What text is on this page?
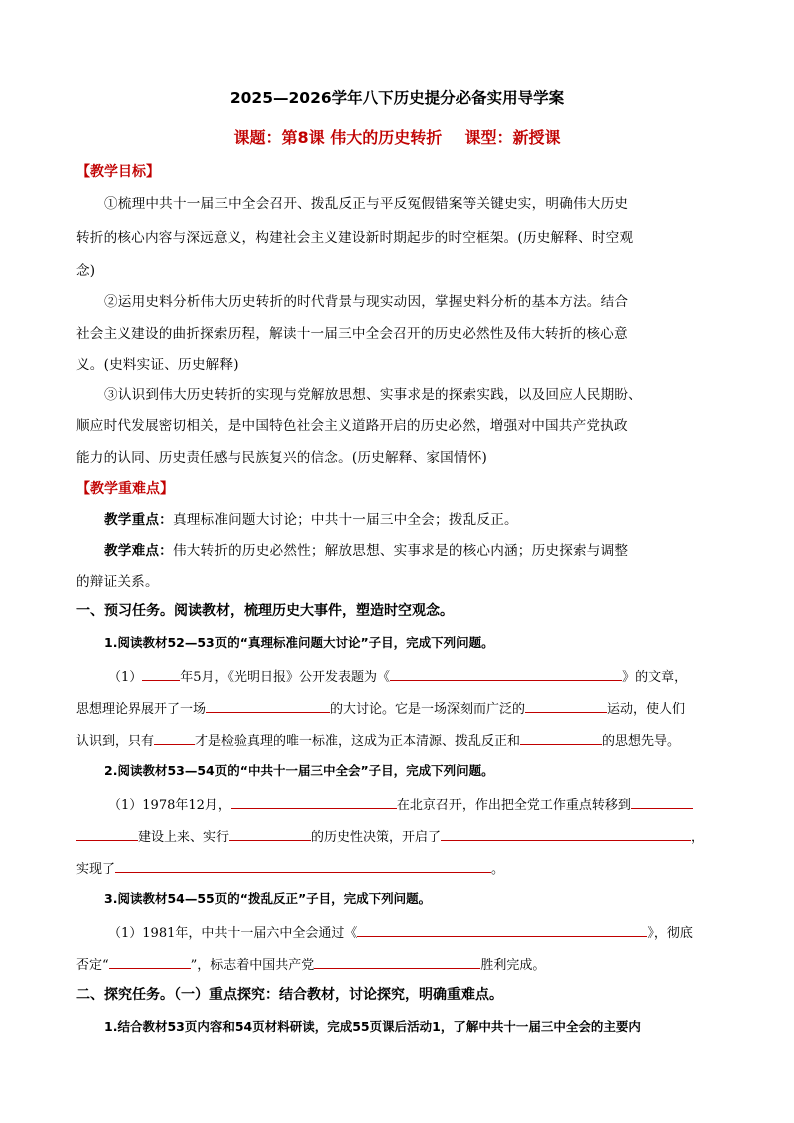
2025—2026学年八下历史提分必备实用导学案
课题：第8课 伟大的历史转折    课型：新授课
【教学目标】
①梳理中共十一届三中全会召开、拨乱反正与平反冤假错案等关键史实，明确伟大历史
转折的核心内容与深远意义，构建社会主义建设新时期起步的时空框架。(历史解释、时空观
念)
②运用史料分析伟大历史转折的时代背景与现实动因，掌握史料分析的基本方法。结合
社会主义建设的曲折探索历程，解读十一届三中全会召开的历史必然性及伟大转折的核心意
义。(史料实证、历史解释)
③认识到伟大历史转折的实现与党解放思想、实事求是的探索实践，以及回应人民期盼、
顺应时代发展密切相关，是中国特色社会主义道路开启的历史必然，增强对中国共产党执政
能力的认同、历史责任感与民族复兴的信念。(历史解释、家国情怀)
【教学重难点】
教学重点：真理标准问题大讨论；中共十一届三中全会；拨乱反正。
教学难点：伟大转折的历史必然性；解放思想、实事求是的核心内涵；历史探索与调整
的辩证关系。
一、预习任务。阅读教材，梳理历史大事件，塑造时空观念。
1.阅读教材52—53页的“真理标准问题大讨论”子目，完成下列问题。
（1）	年5月，《光明日报》公开发表题为《	》的文章，
思想理论界展开了一场	的大讨论。它是一场深刻而广泛的	运动，使人们
认识到，只有	才是检验真理的唯一标准，这成为正本清源、拨乱反正和	的思想先导。
2.阅读教材53—54页的“中共十一届三中全会”子目，完成下列问题。
（1）1978年12月，	在北京召开，作出把全党工作重点转移到
建设上来、实行	的历史性决策，开启了	，
实现了	。
3.阅读教材54—55页的“拨乱反正”子目，完成下列问题。
（1）1981年，中共十一届六中全会通过《	》，彻底
否定“	”，标志着中国共产党	胜利完成。
二、探究任务。（一）重点探究：结合教材，讨论探究，明确重难点。
1.结合教材53页内容和54页材料研读，完成55页课后活动1，了解中共十一届三中全会的主要内
